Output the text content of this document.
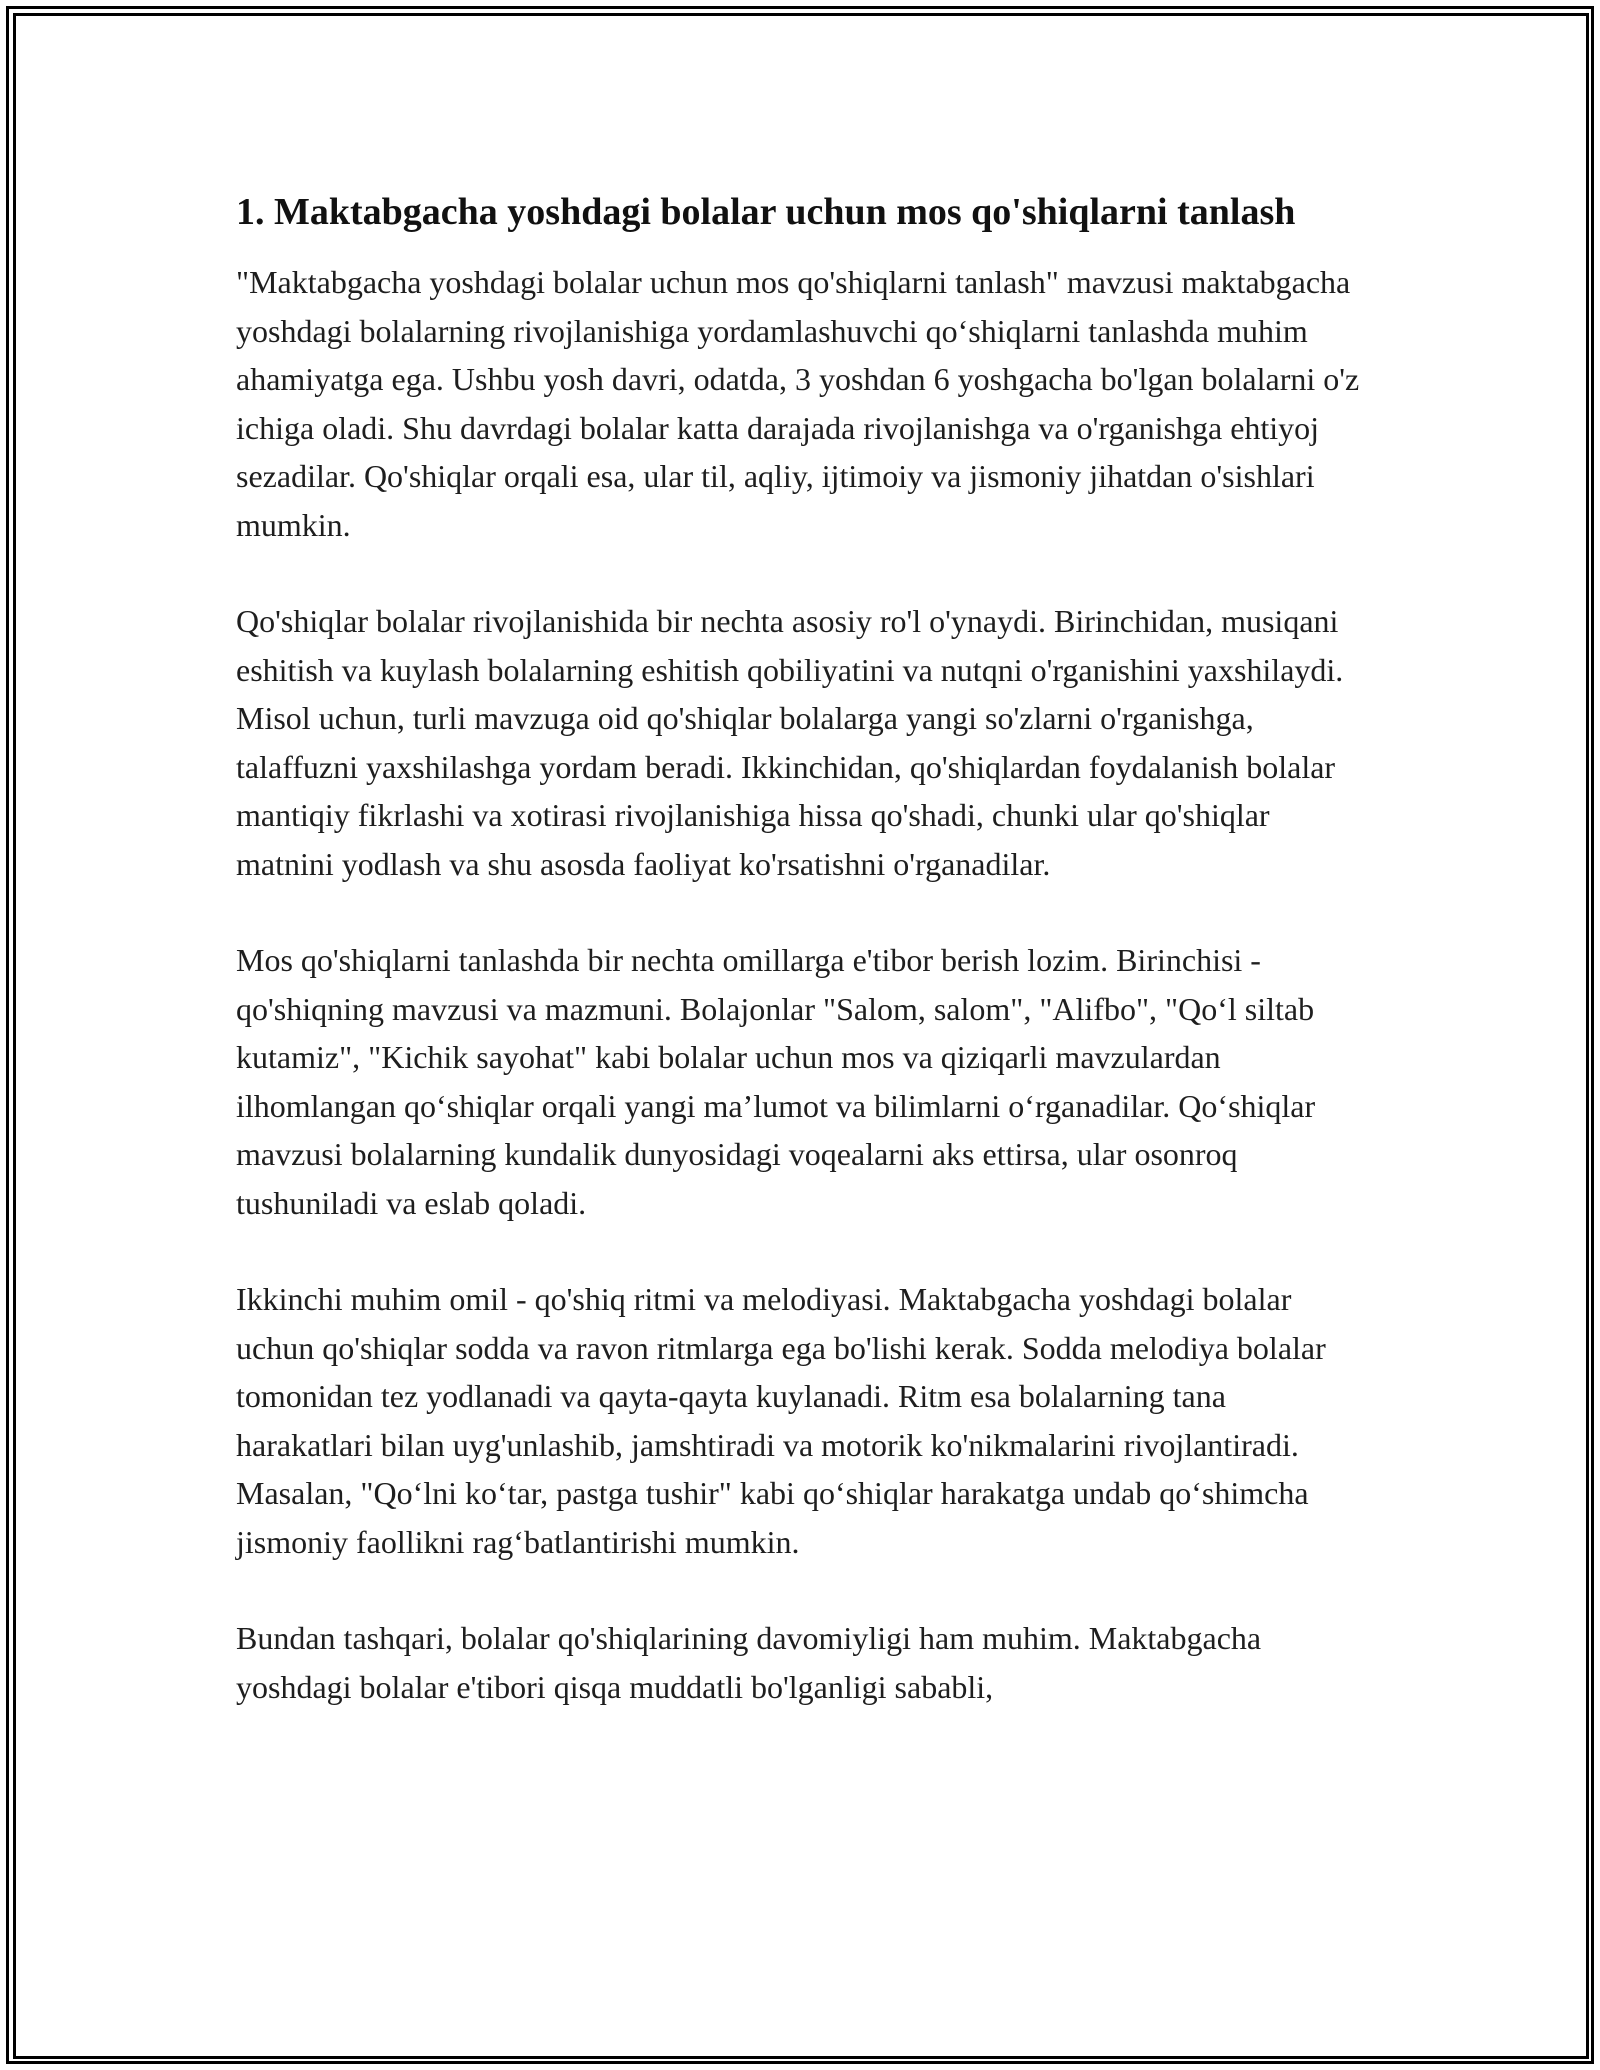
1. Maktabgacha yoshdagi bolalar uchun mos qo'shiqlarni tanlash

"Maktabgacha yoshdagi bolalar uchun mos qo'shiqlarni tanlash" mavzusi maktabgacha yoshdagi bolalarning rivojlanishiga yordamlashuvchi qo‘shiqlarni tanlashda muhim ahamiyatga ega. Ushbu yosh davri, odatda, 3 yoshdan 6 yoshgacha bo'lgan bolalarni o'z ichiga oladi. Shu davrdagi bolalar katta darajada rivojlanishga va o'rganishga ehtiyoj sezadilar. Qo'shiqlar orqali esa, ular til, aqliy, ijtimoiy va jismoniy jihatdan o'sishlari mumkin.

Qo'shiqlar bolalar rivojlanishida bir nechta asosiy ro'l o'ynaydi. Birinchidan, musiqani eshitish va kuylash bolalarning eshitish qobiliyatini va nutqni o'rganishini yaxshilaydi. Misol uchun, turli mavzuga oid qo'shiqlar bolalarga yangi so'zlarni o'rganishga, talaffuzni yaxshilashga yordam beradi. Ikkinchidan, qo'shiqlardan foydalanish bolalar mantiqiy fikrlashi va xotirasi rivojlanishiga hissa qo'shadi, chunki ular qo'shiqlar matnini yodlash va shu asosda faoliyat ko'rsatishni o'rganadilar.

Mos qo'shiqlarni tanlashda bir nechta omillarga e'tibor berish lozim. Birinchisi - qo'shiqning mavzusi va mazmuni. Bolajonlar "Salom, salom", "Alifbo", "Qo‘l siltab kutamiz", "Kichik sayohat" kabi bolalar uchun mos va qiziqarli mavzulardan ilhomlangan qo‘shiqlar orqali yangi ma’lumot va bilimlarni o‘rganadilar. Qo‘shiqlar mavzusi bolalarning kundalik dunyosidagi voqealarni aks ettirsa, ular osonroq tushuniladi va eslab qoladi.

Ikkinchi muhim omil - qo'shiq ritmi va melodiyasi. Maktabgacha yoshdagi bolalar uchun qo'shiqlar sodda va ravon ritmlarga ega bo'lishi kerak. Sodda melodiya bolalar tomonidan tez yodlanadi va qayta-qayta kuylanadi. Ritm esa bolalarning tana harakatlari bilan uyg'unlashib, jamshtiradi va motorik ko'nikmalarini rivojlantiradi. Masalan, "Qo‘lni ko‘tar, pastga tushir" kabi qo‘shiqlar harakatga undab qo‘shimcha jismoniy faollikni rag‘batlantirishi mumkin.

Bundan tashqari, bolalar qo'shiqlarining davomiyligi ham muhim. Maktabgacha yoshdagi bolalar e'tibori qisqa muddatli bo'lganligi sababli,
